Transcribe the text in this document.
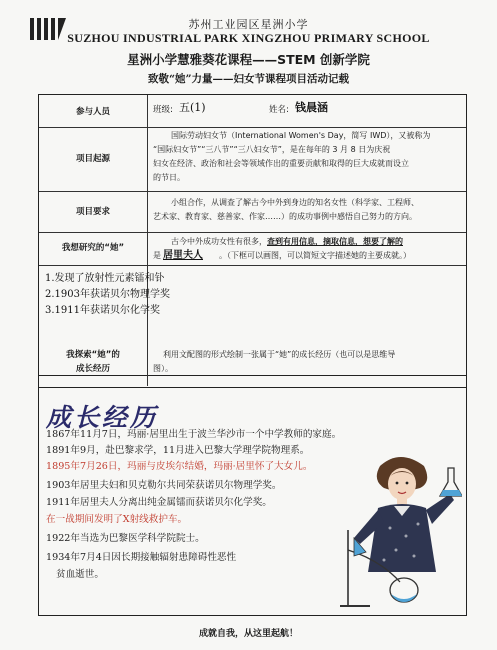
苏州工业园区星洲小学
SUZHOU INDUSTRIAL PARK XINGZHOU PRIMARY SCHOOL
星洲小学慧雅葵花课程——STEM 创新学院
致敬“她”力量——妇女节课程项目活动记载
参与人员	班级: 五(1)	姓名: 钱晨涵
项目起源
国际劳动妇女节（International Women's Day，简写 IWD），又被称为
“国际妇女节”“三八节”“三八妇女节”，是在每年的 3 月 8 日为庆祝
妇女在经济、政治和社会等领域作出的重要贡献和取得的巨大成就而设立
的节日。
项目要求
小组合作，从调查了解古今中外到身边的知名女性（科学家、工程师、
艺术家、教育家、慈善家、作家……）的成功事例中感悟自己努力的方向。
我想研究的“她”
古今中外成功女性有很多，查到有用信息，摘取信息，想要了解的
是 居里夫人 。（下框可以画图，可以简短文字描述她的主要成就。）
1.发现了放射性元素镭和钋
2.1903年获诺贝尔物理学奖
3.1911年获诺贝尔化学奖
我探索“她”的
成长经历
利用文配图的形式绘制一张属于“她”的成长经历（也可以是思维导
图）。
成长经历
1867年11月7日，玛丽·居里出生于波兰华沙市一个中学教师的家庭。
1891年9月，赴巴黎求学，11月进入巴黎大学理学院物理系。
1895年7月26日，玛丽与皮埃尔结婚，玛丽·居里怀了大女儿。
1903年居里夫妇和贝克勒尔共同荣获诺贝尔物理学奖。
1911年居里夫人分离出纯金属镭而获诺贝尔化学奖。
在一战期间发明了X射线救护车。
1922年当选为巴黎医学科学院院士。
1934年7月4日因长期接触辐射患障碍性恶性
贫血逝世。
成就自我，从这里起航！
